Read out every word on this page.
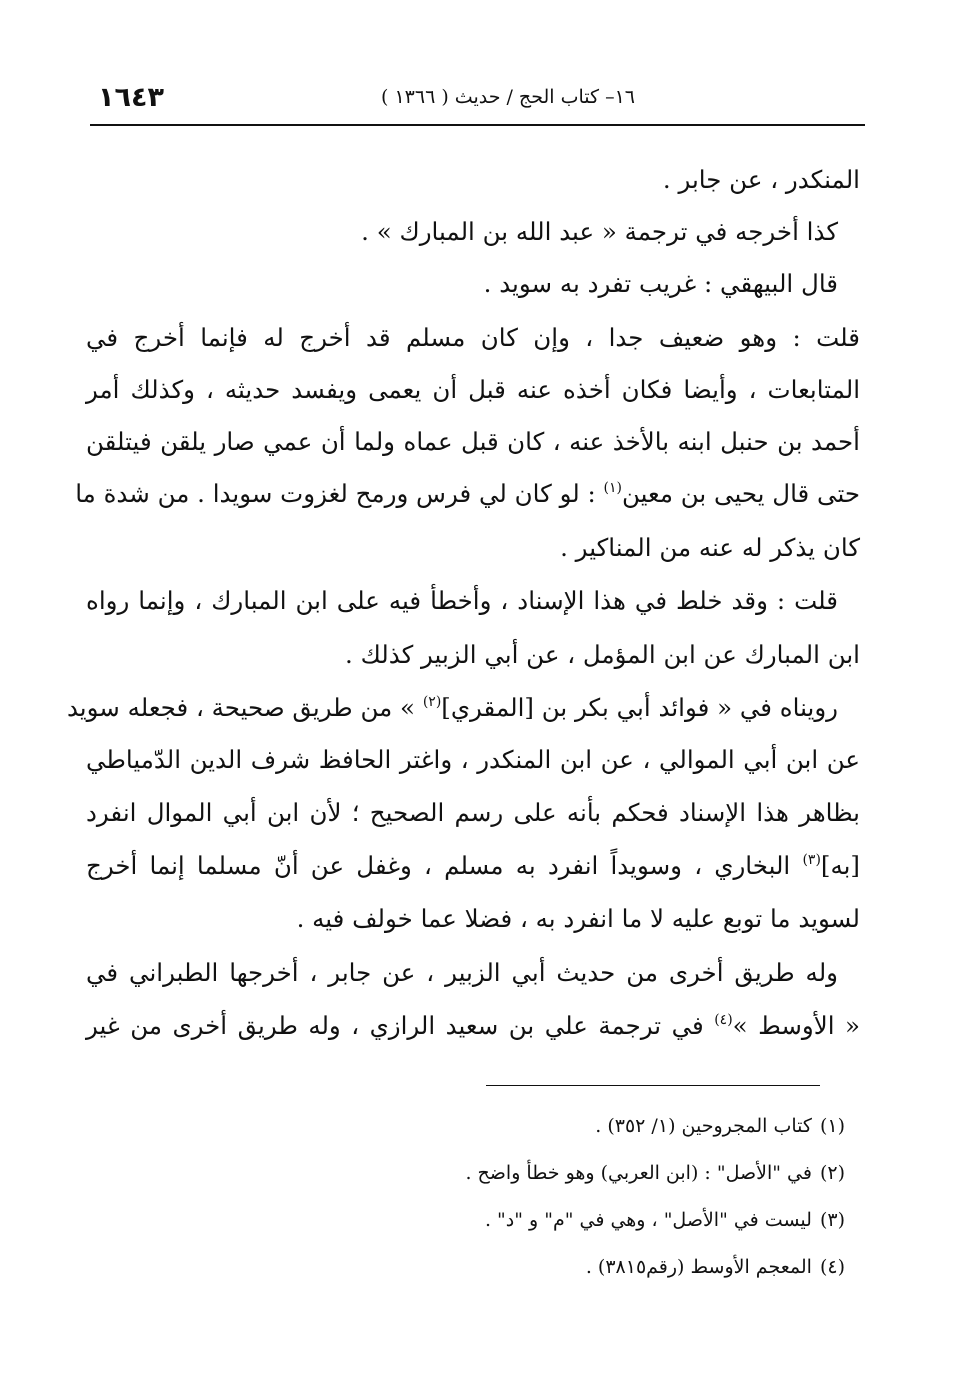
١٦٤٣	١٦– كتاب الحج / حديث ( ١٣٦٦ )
المنكدر ، عن جابر .
كذا أخرجه في ترجمة « عبد الله بن المبارك » .
قال البيهقي : غريب تفرد به سويد .
قلت : وهو ضعيف جدا ، وإن كان مسلم قد أخرج له فإنما أخرج في
المتابعات ، وأيضا فكان أخذه عنه قبل أن يعمى ويفسد حديثه ، وكذلك أمر
أحمد بن حنبل ابنه بالأخذ عنه ، كان قبل عماه ولما أن عمي صار يلقن فيتلقن
حتى قال يحيى بن معين$^{(١)}$ : لو كان لي فرس ورمح لغزوت سويدا . من شدة ما
كان يذكر له عنه من المناكير .
قلت : وقد خلط في هذا الإسناد ، وأخطأ فيه على ابن المبارك ، وإنما رواه
ابن المبارك عن ابن المؤمل ، عن أبي الزبير كذلك .
رويناه في « فوائد أبي بكر بن [المقري]$^{(٢)}$ » من طريق صحيحة ، فجعله سويد
عن ابن أبي الموالي ، عن ابن المنكدر ، واغتر الحافظ شرف الدين الدّمياطي
بظاهر هذا الإسناد فحكم بأنه على رسم الصحيح ؛ لأن ابن أبي الموال انفرد
[به]$^{(٣)}$ البخاري ، وسويداً انفرد به مسلم ، وغفل عن أنّ مسلما إنما أخرج
لسويد ما توبع عليه لا ما انفرد به ، فضلا عما خولف فيه .
وله طريق أخرى من حديث أبي الزبير ، عن جابر ، أخرجها الطبراني في
« الأوسط »$^{(٤)}$ في ترجمة علي بن سعيد الرازي ، وله طريق أخرى من غير
(١)كتاب المجروحين (١/ ٣٥٢) .
(٢)في "الأصل" : (ابن العربي) وهو خطأ واضح .
(٣)ليست في "الأصل" ، وهي في "م" و "د" .
(٤)المعجم الأوسط (رقم٣٨١٥) .
